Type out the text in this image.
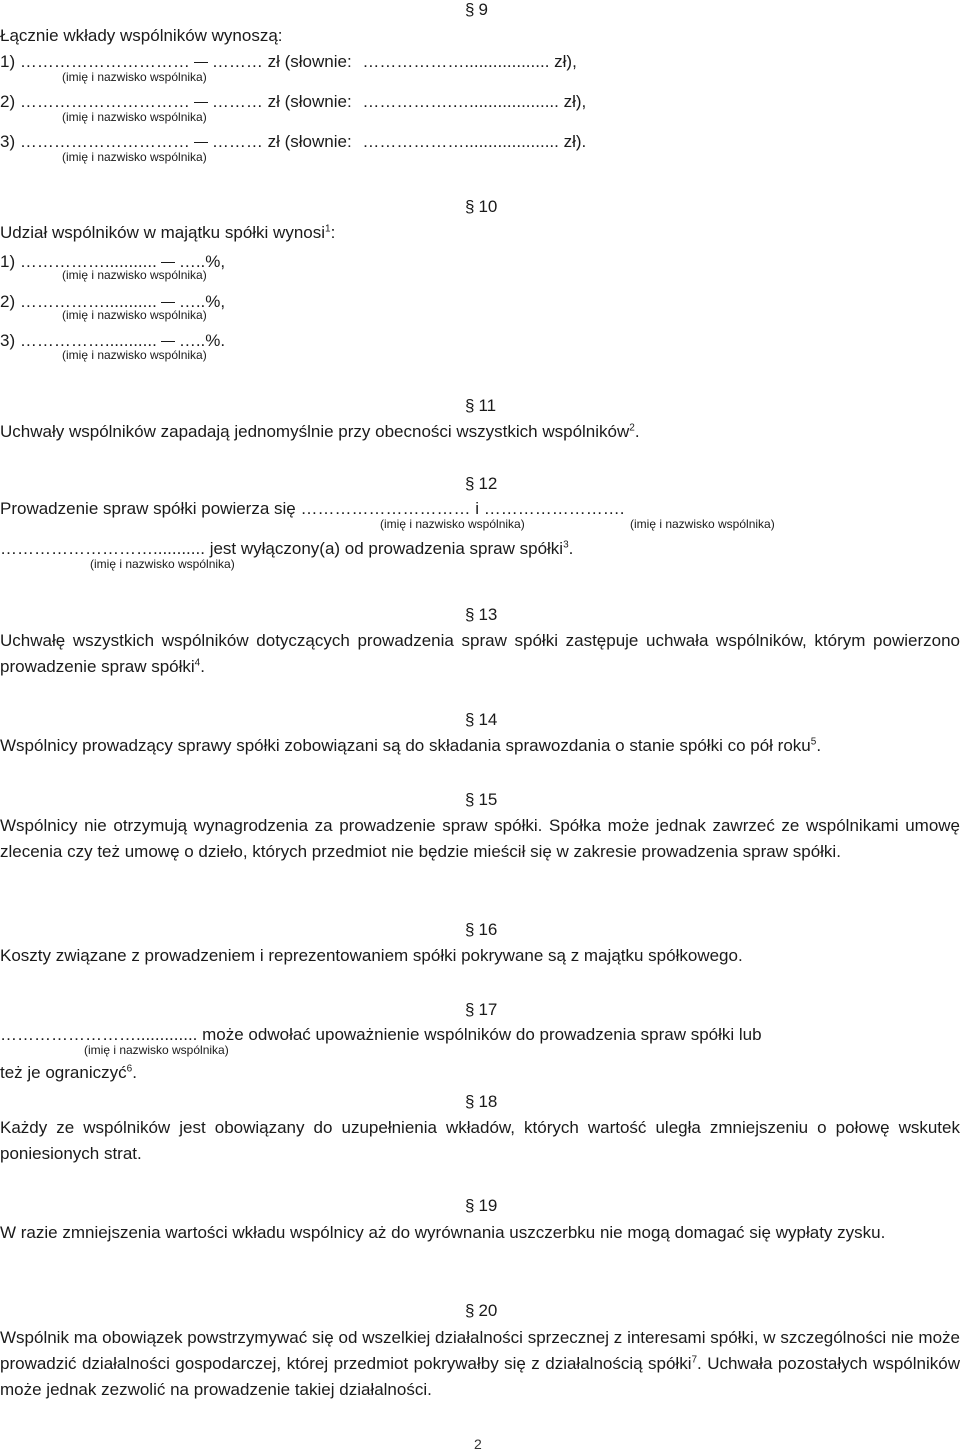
§ 9
Łącznie wkłady wspólników wynoszą:
1) ………………………… ……… zł (słownie: ……………….................. zł),
(imię i nazwisko wspólnika)
2) ………………………… ……… zł (słownie: …………….…................... zł),
(imię i nazwisko wspólnika)
3) ………………………… ……… zł (słownie: ……………….................... zł).
(imię i nazwisko wspólnika)
§ 10
Udział wspólników w majątku spółki wynosi$^1$:
1) ……………........... …..%,
(imię i nazwisko wspólnika)
2) ……………........... …..%,
(imię i nazwisko wspólnika)
3) ……………........... …..%.
(imię i nazwisko wspólnika)
§ 11
Uchwały wspólników zapadają jednomyślnie przy obecności wszystkich wspólników$^2$.
§ 12
Prowadzenie spraw spółki powierza się ………………………… i …………………….
(imię i nazwisko wspólnika)	(imię i nazwisko wspólnika)
………………………........... jest wyłączony(a) od prowadzenia spraw spółki$^3$.
(imię i nazwisko wspólnika)
§ 13
Uchwałę wszystkich wspólników dotyczących prowadzenia spraw spółki zastępuje uchwała wspólników, którym powierzono prowadzenie spraw spółki$^4$.
§ 14
Wspólnicy prowadzący sprawy spółki zobowiązani są do składania sprawozdania o stanie spółki co pół roku$^5$.
§ 15
Wspólnicy nie otrzymują wynagrodzenia za prowadzenie spraw spółki. Spółka może jednak zawrzeć ze wspólnikami umowę zlecenia czy też umowę o dzieło, których przedmiot nie będzie mieścił się w zakresie prowadzenia spraw spółki.
§ 16
Koszty związane z prowadzeniem i reprezentowaniem spółki pokrywane są z majątku spółkowego.
§ 17
……………………............. może odwołać upoważnienie wspólników do prowadzenia spraw spółki lub
(imię i nazwisko wspólnika)
też je ograniczyć$^6$.
§ 18
Każdy ze wspólników jest obowiązany do uzupełnienia wkładów, których wartość uległa zmniejszeniu o połowę wskutek poniesionych strat.
§ 19
W razie zmniejszenia wartości wkładu wspólnicy aż do wyrównania uszczerbku nie mogą domagać się wypłaty zysku.
§ 20
Wspólnik ma obowiązek powstrzymywać się od wszelkiej działalności sprzecznej z interesami spółki, w szczególności nie może prowadzić działalności gospodarczej, której przedmiot pokrywałby się z działalnością spółki$^7$. Uchwała pozostałych wspólników może jednak zezwolić na prowadzenie takiej działalności.
2
